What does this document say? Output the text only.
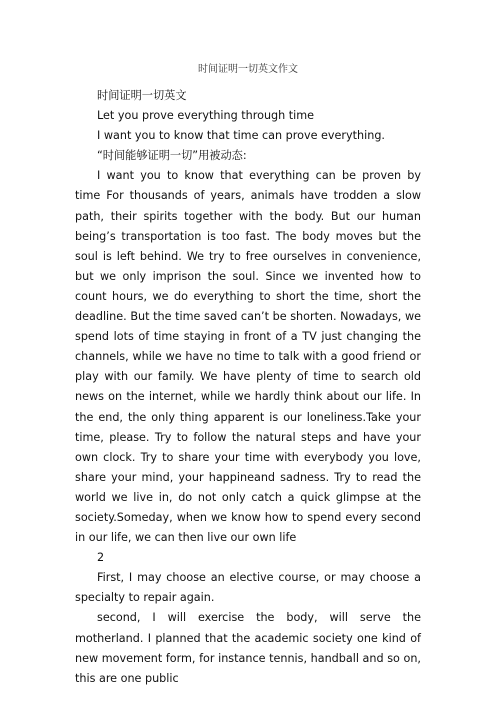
时间证明一切英文作文

时间证明一切英文

Let you prove everything through time

I want you to know that time can prove everything.

“时间能够证明一切”用被动态:

I want you to know that everything can be proven by time For thousands of years, animals have trodden a slow path, their spirits together with the body. But our human being’s transportation is too fast. The body moves but the soul is left behind. We try to free ourselves in convenience, but we only imprison the soul. Since we invented how to count hours, we do everything to short the time, short the deadline. But the time saved can’t be shorten. Nowadays, we spend lots of time staying in front of a TV just changing the channels, while we have no time to talk with a good friend or play with our family. We have plenty of time to search old news on the internet, while we hardly think about our life. In the end, the only thing apparent is our loneliness.Take your time, please. Try to follow the natural steps and have your own clock. Try to share your time with everybody you love, share your mind, your happineand sadness. Try to read the world we live in, do not only catch a quick glimpse at the society.Someday, when we know how to spend every second in our life, we can then live our own life

2

First, I may choose an elective course, or may choose a specialty to repair again.

second, I will exercise the body, will serve the motherland. I planned that the academic society one kind of new movement form, for instance tennis, handball and so on, this are one public
